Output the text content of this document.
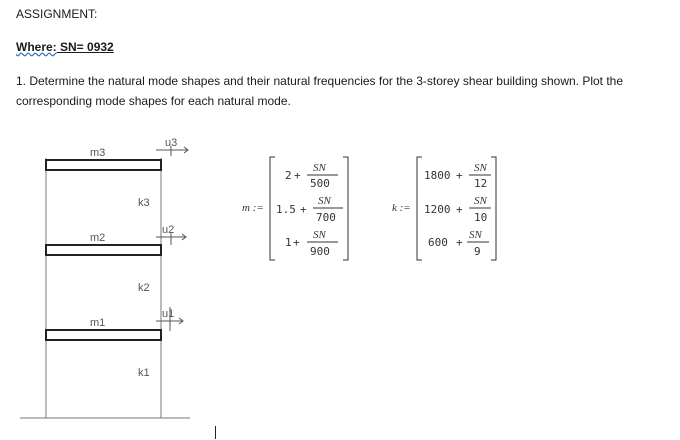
ASSIGNMENT:
Where: SN= 0932
1. Determine the natural mode shapes and their natural frequencies for the 3-storey shear building shown. Plot the corresponding mode shapes for each natural mode.
m3
m2
m1
k3
k2
k1
u3
u2
u1
m :=
2 +
SN
500
1.5 +
SN
700
1 +
SN
900
k :=
1800 +
SN
12
1200 +
SN
10
600 +
SN
9
